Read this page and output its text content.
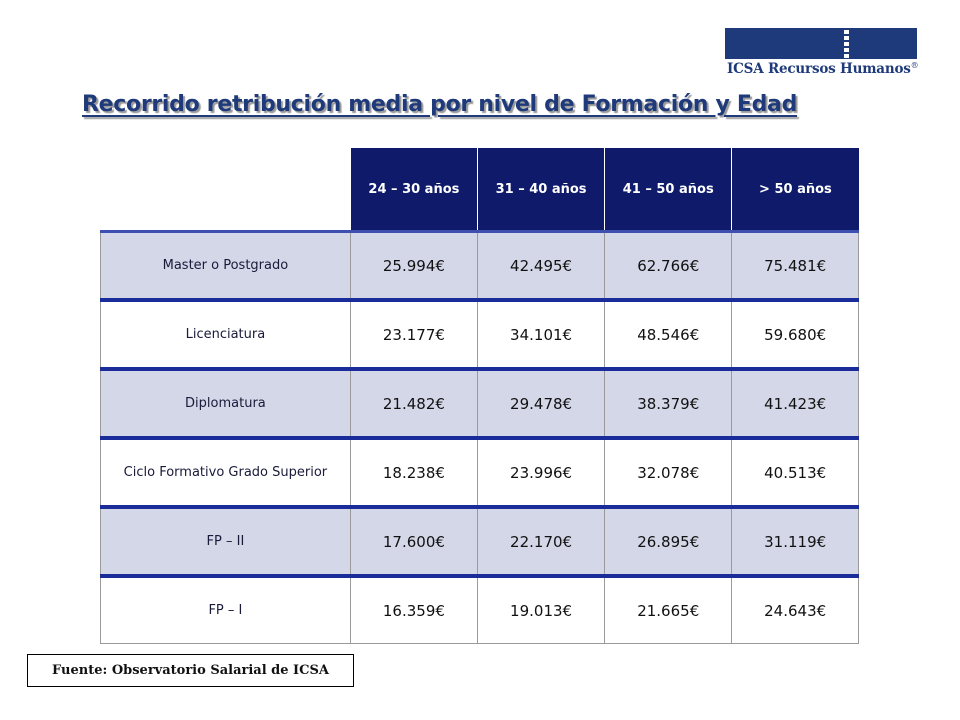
ICSA Recursos Humanos®
Recorrido retribución media por nivel de Formación y Edad
	24 – 30 años	31 – 40 años	41 – 50 años	> 50 años
Master o Postgrado	25.994€	42.495€	62.766€	75.481€
Licenciatura	23.177€	34.101€	48.546€	59.680€
Diplomatura	21.482€	29.478€	38.379€	41.423€
Ciclo Formativo Grado Superior	18.238€	23.996€	32.078€	40.513€
FP – II	17.600€	22.170€	26.895€	31.119€
FP – I	16.359€	19.013€	21.665€	24.643€
Fuente: Observatorio Salarial de ICSA
